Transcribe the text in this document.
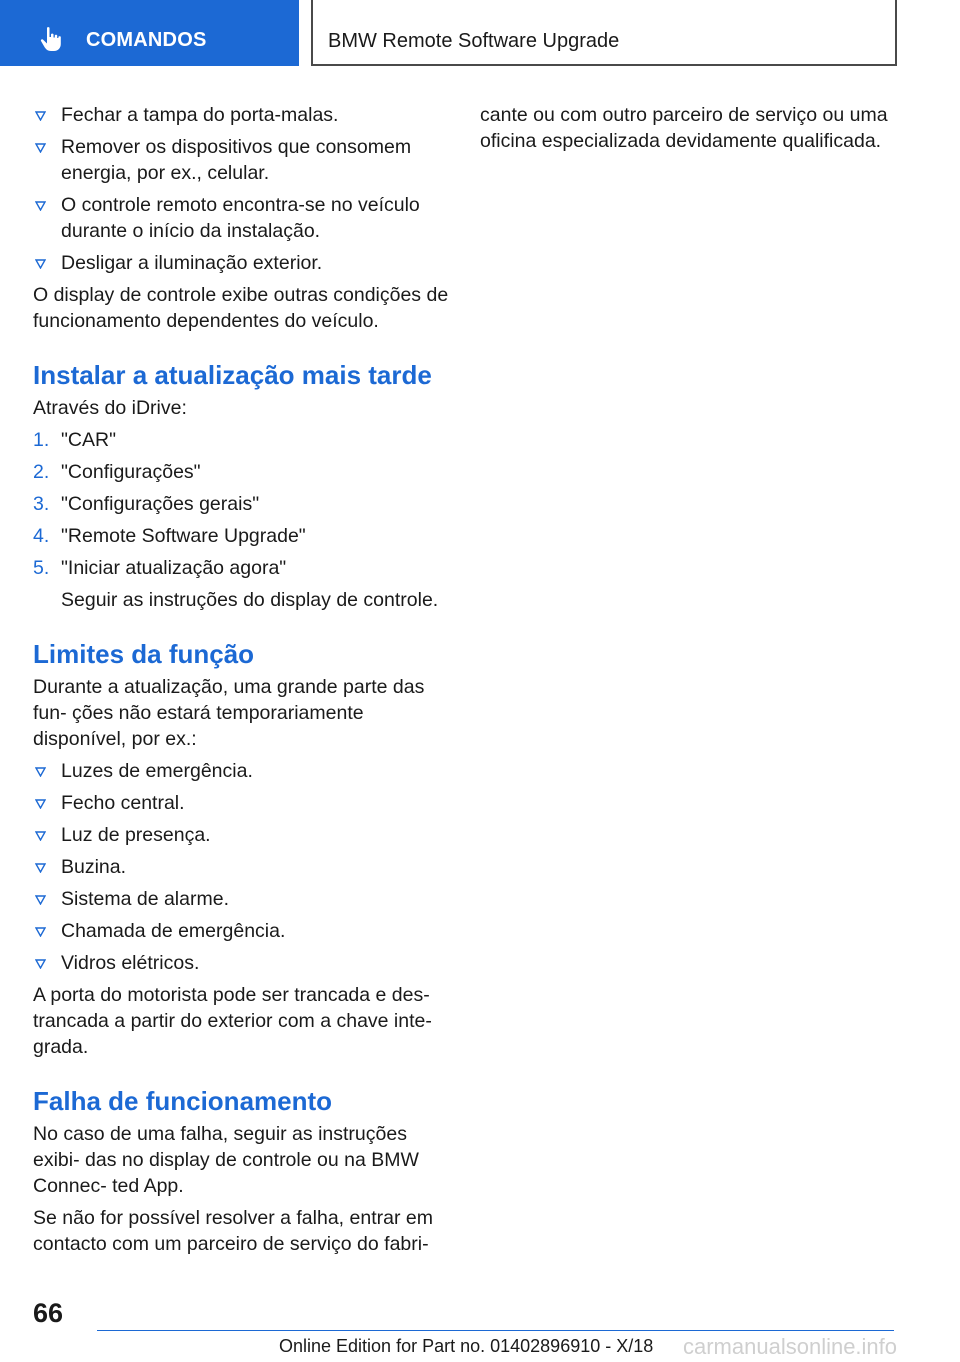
COMANDOS	BMW Remote Software Upgrade
Fechar a tampa do porta-malas.
Remover os dispositivos que consomem energia, por ex., celular.
O controle remoto encontra-se no veículo durante o início da instalação.
Desligar a iluminação exterior.

O display de controle exibe outras condições de funcionamento dependentes do veículo.

Instalar a atualização mais tarde

Através do iDrive:

1. "CAR"
2. "Configurações"
3. "Configurações gerais"
4. "Remote Software Upgrade"
5. "Iniciar atualização agora"

Seguir as instruções do display de controle.

Limites da função

Durante a atualização, uma grande parte das fun- ções não estará temporariamente disponível, por ex.:

Luzes de emergência.
Fecho central.
Luz de presença.
Buzina.
Sistema de alarme.
Chamada de emergência.
Vidros elétricos.

A porta do motorista pode ser trancada e des- trancada a partir do exterior com a chave inte- grada.

Falha de funcionamento

No caso de uma falha, seguir as instruções exibi- das no display de controle ou na BMW Connec- ted App.

Se não for possível resolver a falha, entrar em contacto com um parceiro de serviço do fabri-

cante ou com outro parceiro de serviço ou uma oficina especializada devidamente qualificada.

66
Online Edition for Part no. 01402896910 - X/18 carmanualsonline.info
